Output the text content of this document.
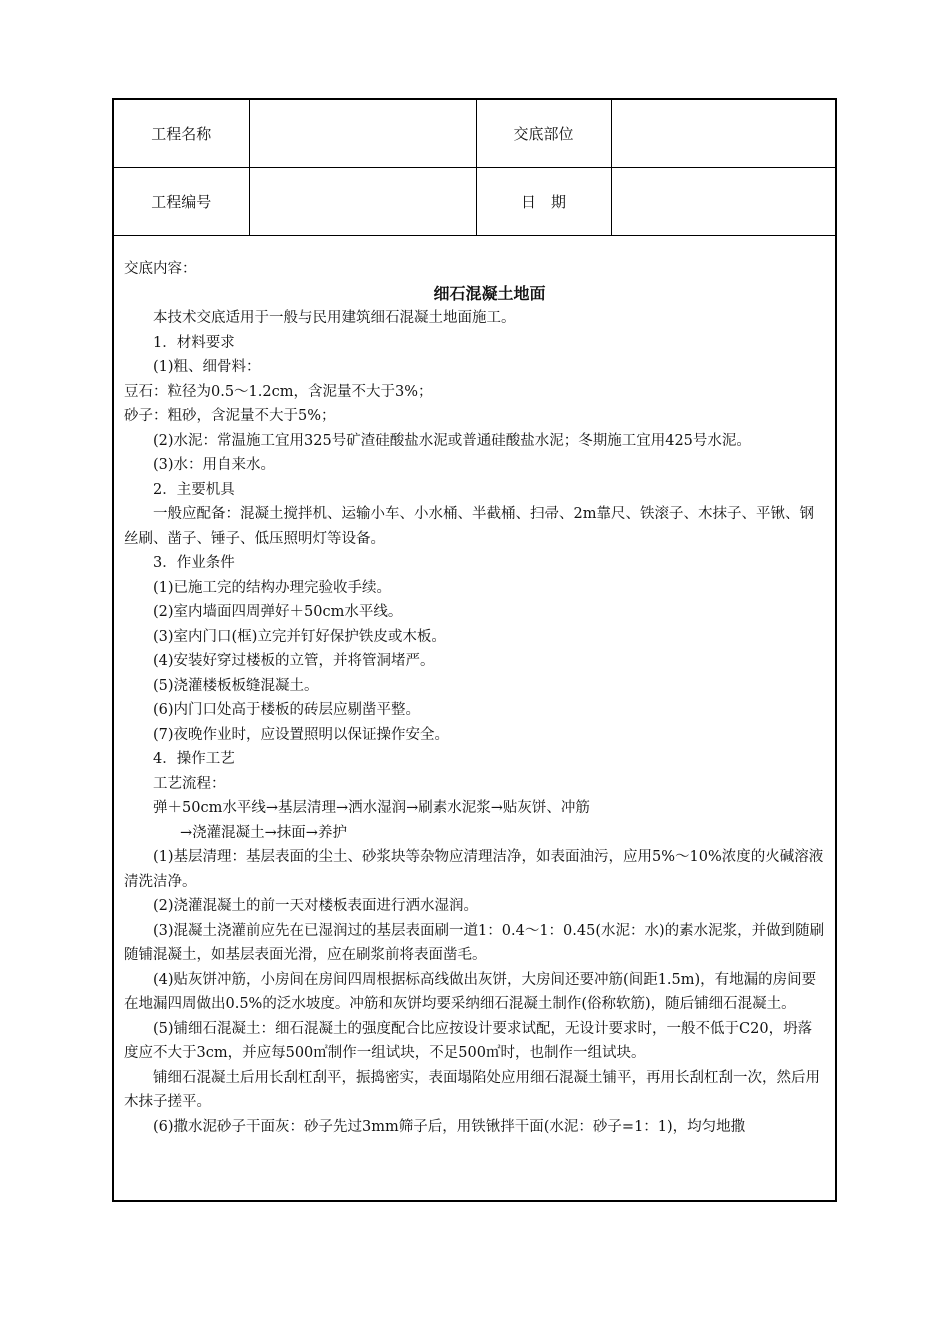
工程名称		交底部位	
工程编号		日　期	

交底内容：

细石混凝土地面

本技术交底适用于一般与民用建筑细石混凝土地面施工。

1．材料要求

(1)粗、细骨料：

豆石：粒径为0.5～1.2cm，含泥量不大于3%；

砂子：粗砂，含泥量不大于5%；

(2)水泥：常温施工宜用325号矿渣硅酸盐水泥或普通硅酸盐水泥；冬期施工宜用425号水泥。

(3)水：用自来水。

2．主要机具

一般应配备：混凝土搅拌机、运输小车、小水桶、半截桶、扫帚、2m靠尺、铁滚子、木抹子、平锹、钢丝刷、凿子、锤子、低压照明灯等设备。

3．作业条件

(1)已施工完的结构办理完验收手续。

(2)室内墙面四周弹好＋50cm水平线。

(3)室内门口(框)立完并钉好保护铁皮或木板。

(4)安装好穿过楼板的立管，并将管洞堵严。

(5)浇灌楼板板缝混凝土。

(6)内门口处高于楼板的砖层应剔凿平整。

(7)夜晚作业时，应设置照明以保证操作安全。

4．操作工艺

工艺流程：

弹＋50cm水平线→基层清理→洒水湿润→刷素水泥浆→贴灰饼、冲筋

→浇灌混凝土→抹面→养护

(1)基层清理：基层表面的尘土、砂浆块等杂物应清理洁净，如表面油污，应用5%～10%浓度的火碱溶液清洗洁净。

(2)浇灌混凝土的前一天对楼板表面进行洒水湿润。

(3)混凝土浇灌前应先在已湿润过的基层表面刷一道1：0.4～1：0.45(水泥：水)的素水泥浆，并做到随刷随铺混凝土，如基层表面光滑，应在刷浆前将表面凿毛。

(4)贴灰饼冲筋，小房间在房间四周根据标高线做出灰饼，大房间还要冲筋(间距1.5m)，有地漏的房间要在地漏四周做出0.5%的泛水坡度。冲筋和灰饼均要采纳细石混凝土制作(俗称软筋)，随后铺细石混凝土。

(5)铺细石混凝土：细石混凝土的强度配合比应按设计要求试配，无设计要求时，一般不低于C20，坍落度应不大于3cm，并应每500㎡制作一组试块，不足500㎡时，也制作一组试块。

铺细石混凝土后用长刮杠刮平，振捣密实，表面塌陷处应用细石混凝土铺平，再用长刮杠刮一次，然后用木抹子搓平。

(6)撒水泥砂子干面灰：砂子先过3mm筛子后，用铁锹拌干面(水泥：砂子=1：1)，均匀地撒
